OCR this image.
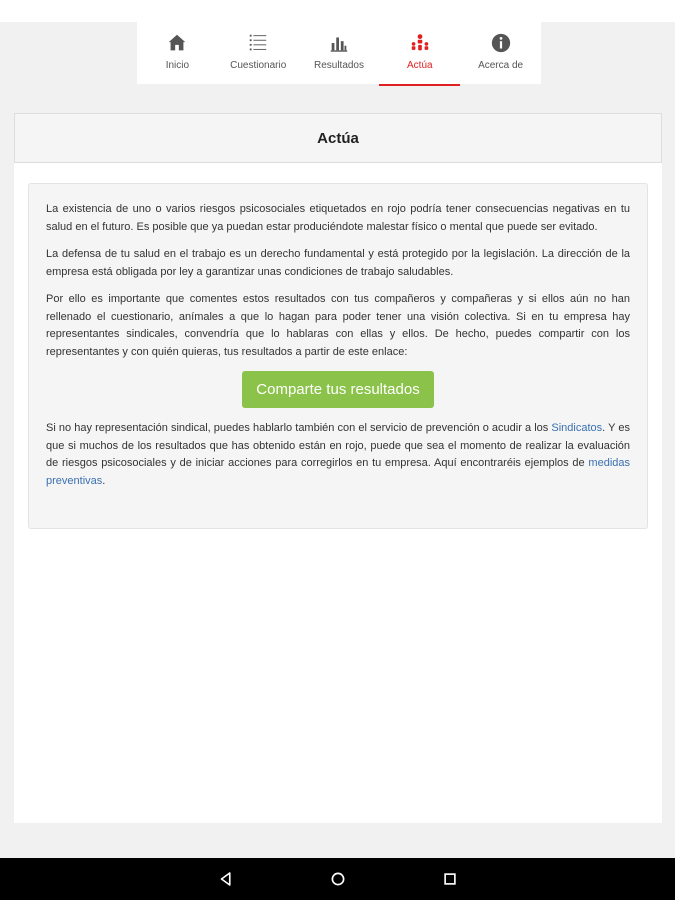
Inicio	Cuestionario	Resultados	Actúa	Acerca de
Actúa

La existencia de uno o varios riesgos psicosociales etiquetados en rojo podría tener consecuencias negativas en tu salud en el futuro. Es posible que ya puedan estar produciéndote malestar físico o mental que puede ser evitado.

La defensa de tu salud en el trabajo es un derecho fundamental y está protegido por la legislación. La dirección de la empresa está obligada por ley a garantizar unas condiciones de trabajo saludables.

Por ello es importante que comentes estos resultados con tus compañeros y compañeras y si ellos aún no han rellenado el cuestionario, anímales a que lo hagan para poder tener una visión colectiva. Si en tu empresa hay representantes sindicales, convendría que lo hablaras con ellas y ellos. De hecho, puedes compartir con los representantes y con quién quieras, tus resultados a partir de este enlace:

Comparte tus resultados

Si no hay representación sindical, puedes hablarlo también con el servicio de prevención o acudir a los Sindicatos. Y es que si muchos de los resultados que has obtenido están en rojo, puede que sea el momento de realizar la evaluación de riesgos psicosociales y de iniciar acciones para corregirlos en tu empresa. Aquí encontraréis ejemplos de medidas preventivas.
